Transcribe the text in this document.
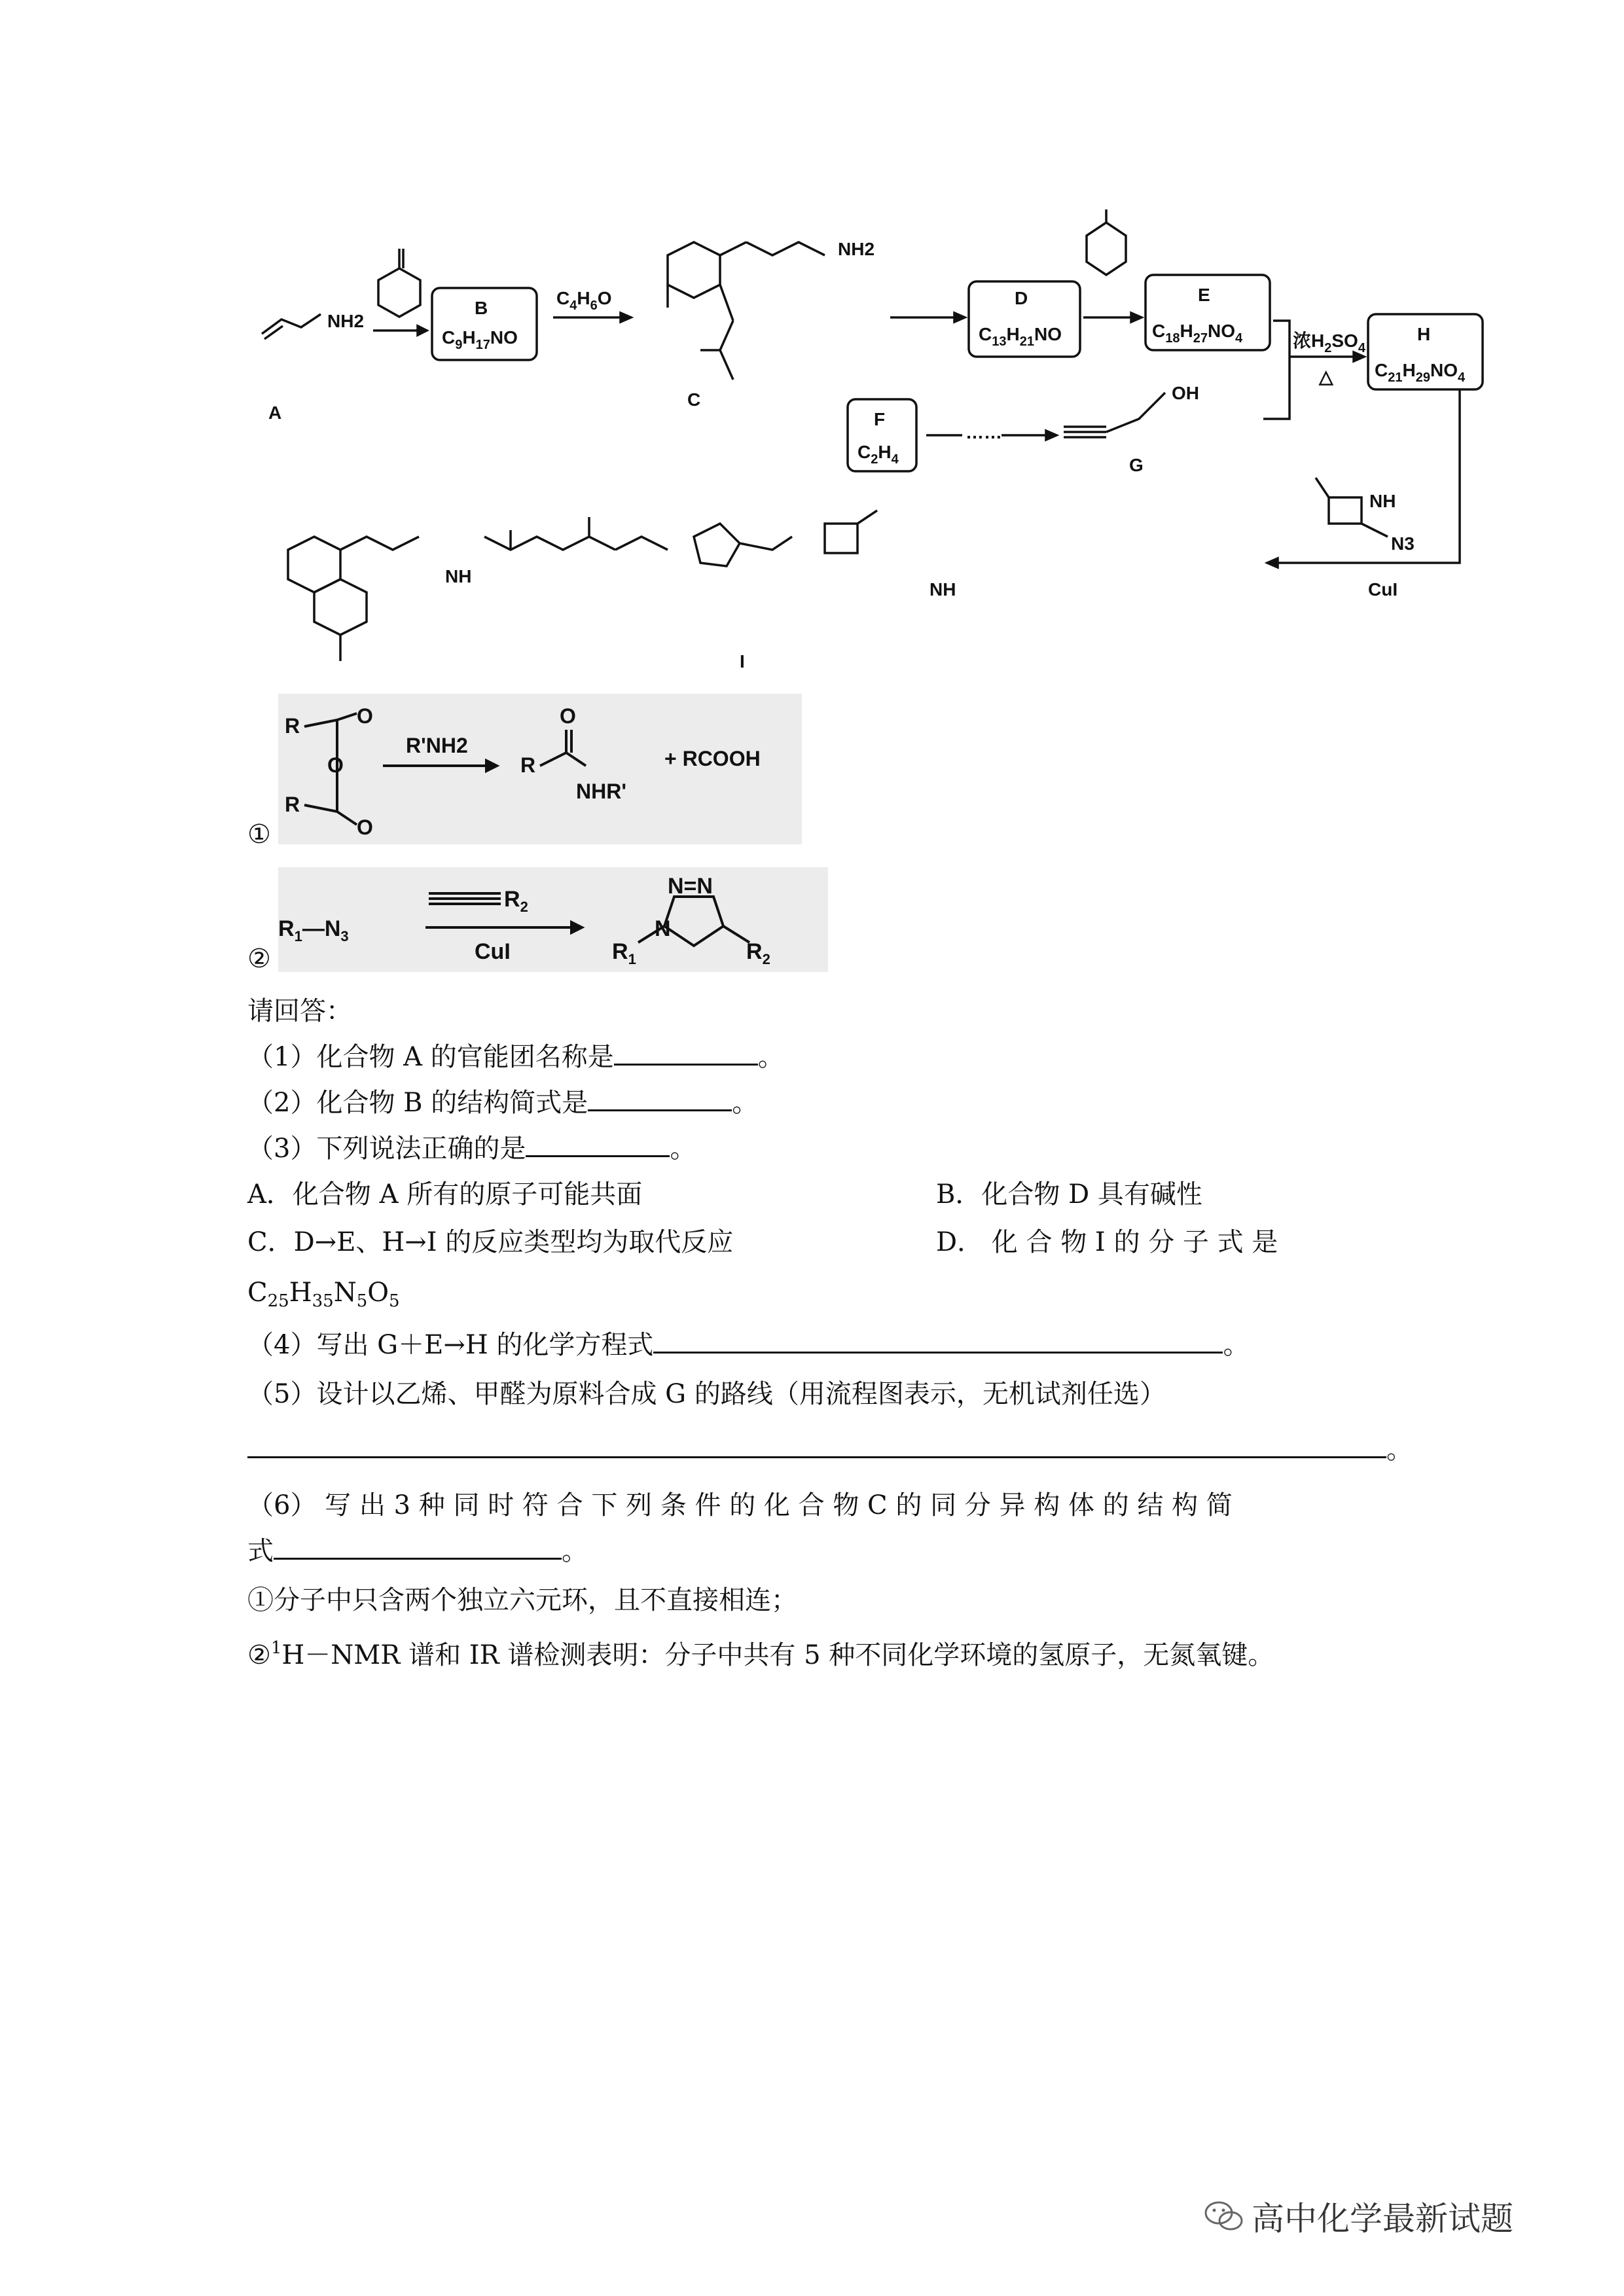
NH2
A
B
$C_9H_{17}NO$
$C_4H_6O$
NH2
C
D
$C_{13}H_{21}NO$
E
$C_{18}H_{27}NO_4$	浓$H_2SO_4$
△
H
$C_{21}H_{29}NO_4$
F
$C_2H_4$
……
OH
G
CuI
N3
NH
NH
NH
I
R	O
O
R
O
R'NH2
R
O
NHR'
+ RCOOH
①
$R_1—N_3$
$R_2$
CuI
N=N
N
$R_1$	$R_2$
②
请回答：
（1）化合物 A 的官能团名称是	。
（2）化合物 B 的结构简式是	。
（3）下列说法正确的是	。
A．化合物 A 所有的原子可能共面	B．化合物 D 具有碱性
C．D→E、H→I 的反应类型均为取代反应	D． 化 合 物 I 的 分 子 式 是
$C_{25}H_{35}N_5O_5$
（4）写出 G＋E→H 的化学方程式	。
（5）设计以乙烯、甲醛为原料合成 G 的路线（用流程图表示，无机试剂任选）
。
（6） 写 出 3 种 同 时 符 合 下 列 条 件 的 化 合 物 C 的 同 分 异 构 体 的 结 构 简
式	。
①分子中只含两个独立六元环，且不直接相连；
②$^1$H－NMR 谱和 IR 谱检测表明：分子中共有 5 种不同化学环境的氢原子，无氮氧键。
高中化学最新试题
